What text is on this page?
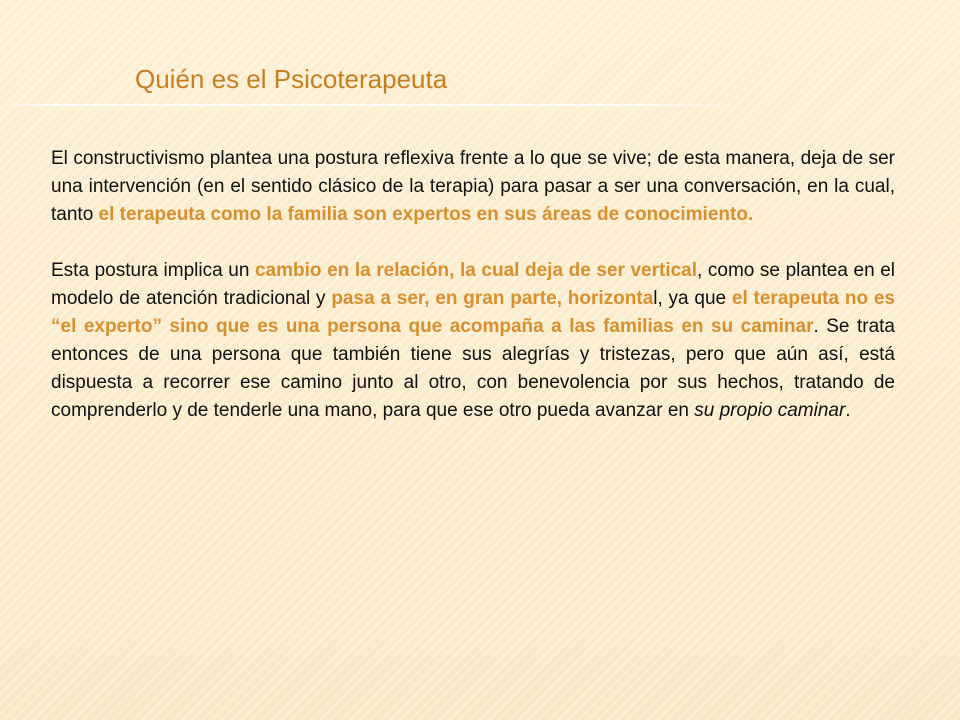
Quién es el Psicoterapeuta

El constructivismo plantea una postura reflexiva frente a lo que se vive; de esta manera, deja de ser una intervención (en el sentido clásico de la terapia) para pasar a ser una conversación, en la cual, tanto el terapeuta como la familia son expertos en sus áreas de conocimiento.

Esta postura implica un cambio en la relación, la cual deja de ser vertical, como se plantea en el modelo de atención tradicional y pasa a ser, en gran parte, horizontal, ya que el terapeuta no es “el experto” sino que es una persona que acompaña a las familias en su caminar. Se trata entonces de una persona que también tiene sus alegrías y tristezas, pero que aún así, está dispuesta a recorrer ese camino junto al otro, con benevolencia por sus hechos, tratando de comprenderlo y de tenderle una mano, para que ese otro pueda avanzar en su propio caminar.
